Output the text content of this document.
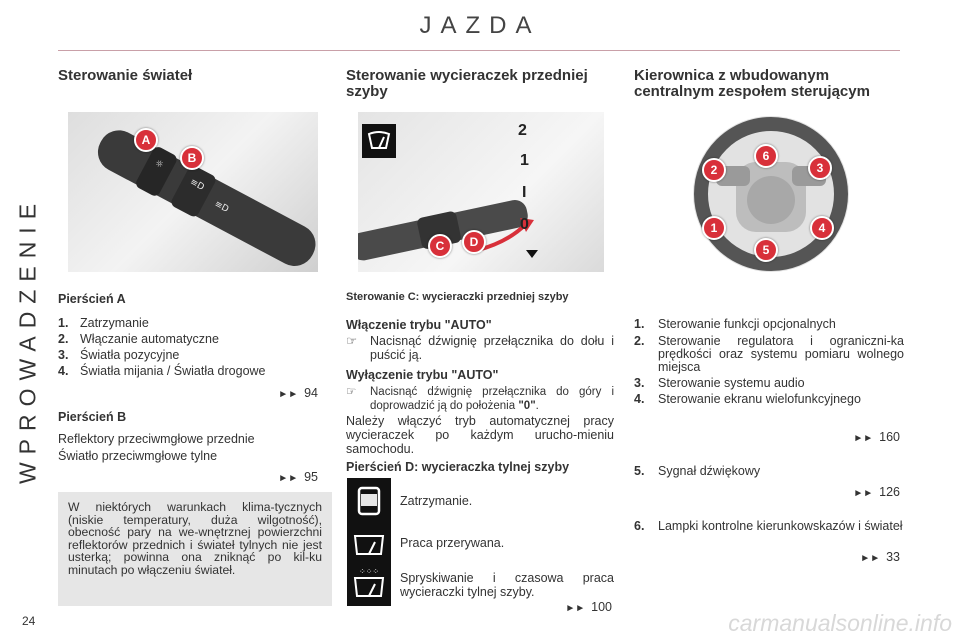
JAZDA
WPROWADZENIE
24	carmanualsonline.info
Sterowanie świateł
☼
≡D
≡D
A
B
Pierścień A
1. Zatrzymanie
2. Włączanie automatyczne
3. Światła pozycyjne
4. Światła mijania / Światła drogowe
►► 94
Pierścień B
Reflektory przeciwmgłowe przednie
Światło przeciwmgłowe tylne
►► 95

W niektórych warunkach klima-tycznych (niskie temperatury, duża wilgotność), obecność pary na we-wnętrznej powierzchni reflektorów przednich i świateł tylnych nie jest usterką; powinna ona zniknąć po kil-ku minutach po włączeniu świateł.

Sterowanie wycieraczek przedniej szyby
2
1
I
0
C	D
Sterowanie C: wycieraczki przedniej szyby
Włączenie trybu "AUTO"
☞	Nacisnąć dźwignię przełącznika do dołu i puścić ją.
Wyłączenie trybu "AUTO"
☞	Nacisnąć dźwignię przełącznika do góry i doprowadzić ją do położenia "0".
Należy włączyć tryb automatycznej pracy wycieraczek po każdym urucho-mieniu samochodu.
Pierścień D: wycieraczka tylnej szyby
⁘⁘⁘
Zatrzymanie.
Praca przerywana.
Spryskiwanie i czasowa praca wycieraczki tylnej szyby.
►► 100
Kierownica z wbudowanym centralnym zespołem sterującym
1
2	3
4
5
6
1.	Sterowanie funkcji opcjonalnych
2.	Sterowanie regulatora i ograniczni-ka prędkości oraz systemu pomiaru wolnego miejsca
3.	Sterowanie systemu audio
4.	Sterowanie ekranu wielofunkcyjnego
►► 160
5.	Sygnał dźwiękowy
►► 126
6.	Lampki kontrolne kierunkowskazów i świateł
►► 33
